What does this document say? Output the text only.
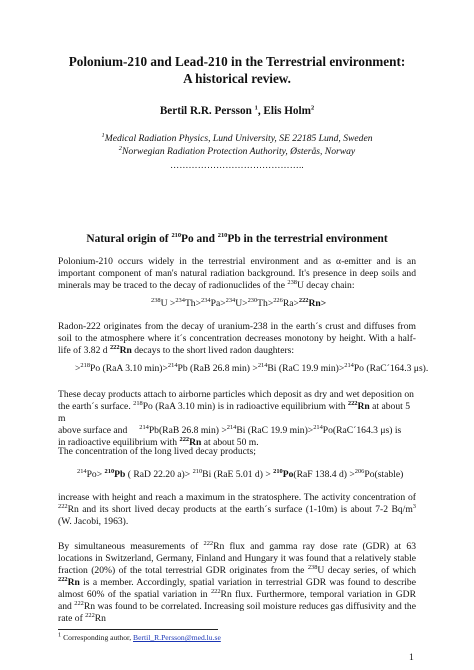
Polonium-210 and Lead-210 in the Terrestrial environment:
A historical review.
Bertil R.R. Persson $^1$, Elis Holm$^2$
$^1$Medical Radiation Physics, Lund University, SE 22185 Lund, Sweden
$^2$Norwegian Radiation Protection Authority, Østerås, Norway
……………………………………..
Natural origin of $^{210}$Po and $^{210}$Pb in the terrestrial environment
Polonium-210 occurs widely in the terrestrial environment and as α-emitter and is an important component of man's natural radiation background. It's presence in deep soils and minerals may be traced to the decay of radionuclides of the $^{238}$U decay chain:
$^{238}$U >$^{234}$Th>$^{234}$Pa>$^{234}$U>$^{230}$Th>$^{226}$Ra>$^{222}$Rn>
Radon-222 originates from the decay of uranium-238 in the earth´s crust and diffuses from soil to the atmosphere where it´s concentration decreases monotony by height. With a half-life of 3.82 d $^{222}$Rn decays to the short lived radon daughters:
>$^{218}$Po (RaA 3.10 min)>$^{214}$Pb (RaB 26.8 min) >$^{214}$Bi (RaC 19.9 min)>$^{214}$Po (RaC´164.3 μs).
These decay products attach to airborne particles which deposit as dry and wet deposition on
the earth´s surface. $^{218}$Po (RaA 3.10 min) is in radioactive equilibrium with $^{222}$Rn at about 5 m
above surface and     $^{214}$Pb(RaB 26.8 min) >$^{214}$Bi (RaC 19.9 min)>$^{214}$Po(RaC´164.3 μs) is
in radioactive equilibrium with $^{222}$Rn at about 50 m.
The concentration of the long lived decay products;
$^{214}$Po> $^{210}$Pb ( RaD 22.20 a)> $^{210}$Bi (RaE 5.01 d) > $^{210}$Po(RaF 138.4 d) >$^{206}$Po(stable)
increase with height and reach a maximum in the stratosphere. The activity concentration of $^{222}$Rn and its short lived decay products at the earth´s surface (1-10m) is about 7-2 $Bq/m^3$ (W. Jacobi, 1963).
By simultaneous measurements of $^{222}$Rn flux and gamma ray dose rate (GDR) at 63 locations in Switzerland, Germany, Finland and Hungary it was found that a relatively stable fraction (20%) of the total terrestrial GDR originates from the $^{238}$U decay series, of which $^{222}$Rn is a member. Accordingly, spatial variation in terrestrial GDR was found to describe almost 60% of the spatial variation in $^{222}$Rn flux. Furthermore, temporal variation in GDR and $^{222}$Rn was found to be correlated. Increasing soil moisture reduces gas diffusivity and the rate of $^{222}$Rn
$^1$ Corresponding author, Bertil_R.Persson@med.lu.se
1
